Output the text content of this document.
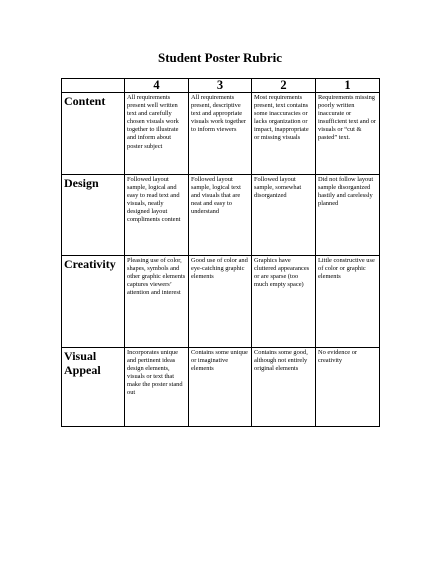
Student Poster Rubric
	4	3	2	1
Content	All requirements present well written text and carefully chosen visuals work together to illustrate and inform about poster subject	All requirements present, descriptive text and appropriate visuals work together to inform viewers	Most requirements present, text contains some inaccuracies or lacks organization or impact, inappropriate or missing visuals	Requirements missing poorly written inaccurate or insufficient text and or visuals or “cut & pasted” text.
Design	Followed layout sample, logical and easy to read text and visuals, neatly designed layout compliments content	Followed layout sample, logical text and visuals that are neat and easy to understand	Followed layout sample, somewhat disorganized	Did not follow layout sample disorganized hastily and carelessly planned
Creativity	Pleasing use of color, shapes, symbols and other graphic elements captures viewers’ attention and interest	Good use of color and eye-catching graphic elements	Graphics have cluttered appearances or are sparse (too much empty space)	Little constructive use of color or graphic elements
Visual Appeal	Incorporates unique and pertinent ideas design elements, visuals or text that make the poster stand out	Contains some unique or imaginative elements	Contains some good, although not entirely original elements	No evidence or creativity
